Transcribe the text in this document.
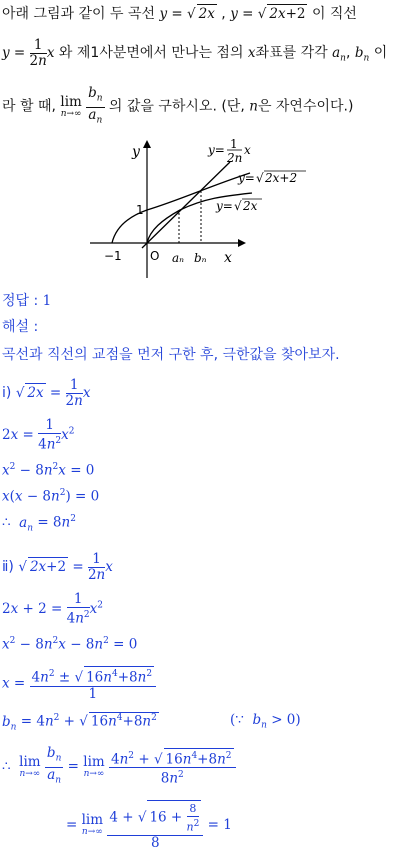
아래 그림과 같이 두 곡선 y = √ 2x , y = √ 2x+2 이 직선
$y = \frac{1}{2n}$ x 와 제1사분면에서 만나는 점의 x좌표를 각각 $a_n$, $b_n$ 이
라 할 때, lim
n→∞
$\frac{b_n}{a_n}$ 의 값을 구하시오. (단, n은 자연수이다.)
y
x
O
−1
1
aₙ bₙ
y= 1
2n
x
y= √ 2x+2
y= √ 2x
정답 : 1
해설 :
곡선과 직선의 교점을 먼저 구한 후, 극한값을 찾아보자.
ⅰ) √ $2x = \frac{1}{2n}$ x
$2x = \frac{1}{4n^2} x^2$
$x^2 - 8n^2x = 0$
$x(x - 8n^2) = 0$
∴  $a_n = 8n^2$
ⅱ) √ $2x+2 = \frac{1}{2n}$ x
$2x + 2 = \frac{1}{4n^2} x^2$
$x^2 - 8n^2x - 8n^2 = 0$
$x = \frac{4n^2 \pm √ 16n^4+8n^2}{1}$
$b_n = 4n^2$ + √ $16n^4+8n^2$	(∵  $b_n > 0$)
∴  lim
n→∞
$\frac{b_n}{a_n} = \lim$
n→∞
$\frac{4n^2 + √ 16n^4+8n^2}{8n^2}$
= lim
n→∞
$\frac{4 + √ 16 + \frac{8}{n^2}}{8} = 1$
